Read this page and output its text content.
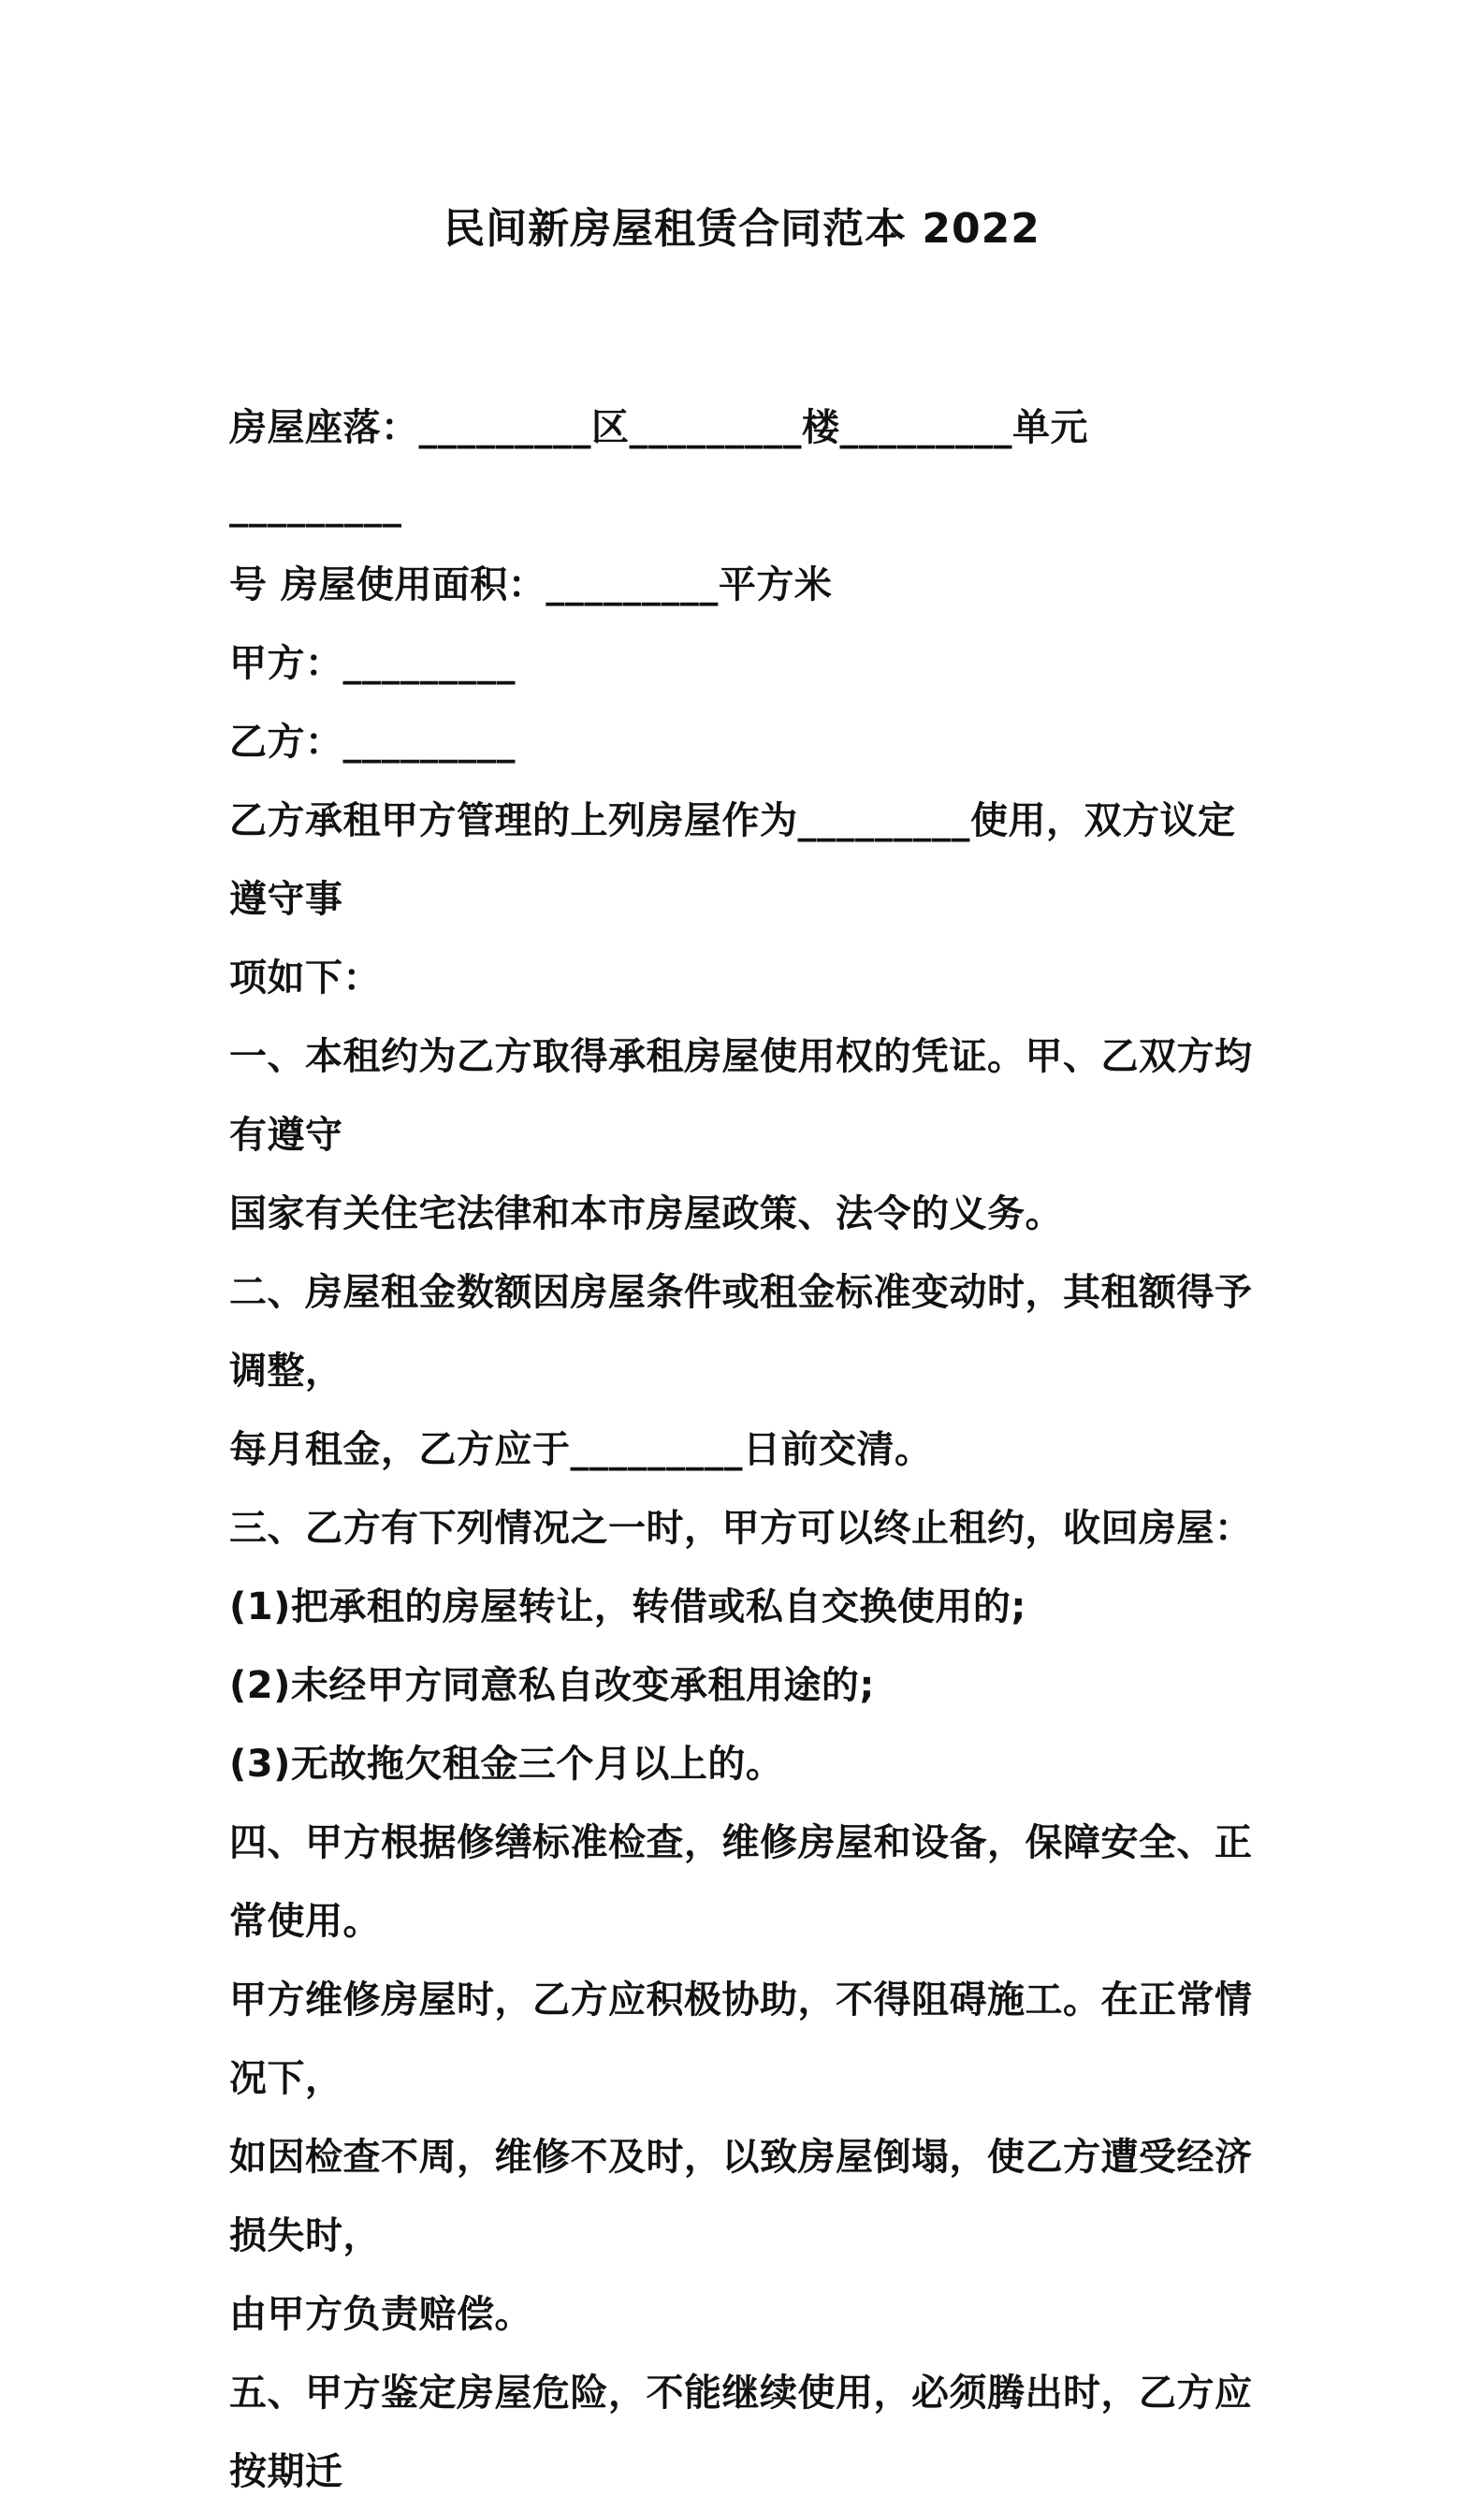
民间新房屋租赁合同范本 2022
房屋座落：_________区_________楼_________单元_________
号 房屋使用面积：_________平方米
甲方：_________
乙方：_________
乙方承租甲方管理的上列房屋作为_________使用，双方议定遵守事
项如下：
一、本租约为乙方取得承租房屋使用权的凭证。甲、乙双方均有遵守
国家有关住宅法律和本市房屋政策、法令的义务。
二、房屋租金数额因房屋条件或租金标准变动时，其租额得予调整，
每月租金，乙方应于_________日前交清。
三、乙方有下列情况之一时，甲方可以终止租约，收回房屋：
(1)把承租的房屋转让，转借或私自交换使用的;
(2)未经甲方同意私自改变承租用途的;
(3)无故拖欠租金三个月以上的。
四、甲方根据修缮标准检查，维修房屋和设备，保障安全、正常使用。
甲方维修房屋时，乙方应积极协助，不得阻碍施工。在正常情况下，
如因检查不周，维修不及时，以致房屋倒塌，使乙方遭受经济损失时，
由甲方负责赔偿。
五、甲方鉴定房屋危险，不能继续使用，必须腾出时，乙方应按期迁
